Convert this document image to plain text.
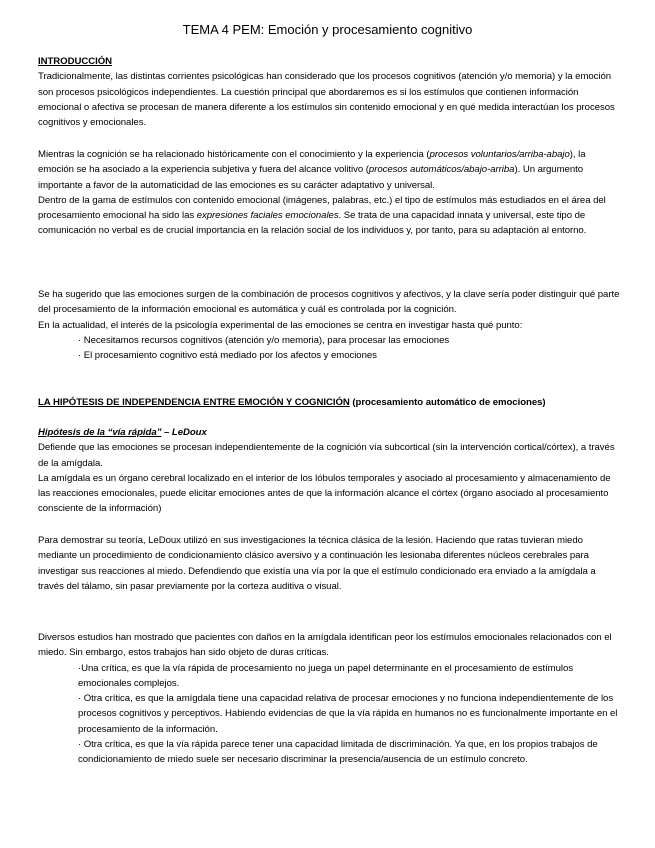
TEMA 4 PEM: Emoción y procesamiento cognitivo

INTRODUCCIÓN

Tradicionalmente, las distintas corrientes psicológicas han considerado que los procesos cognitivos (atención y/o memoria) y la emoción son procesos psicológicos independientes. La cuestión principal que abordaremos es si los estímulos que contienen información emocional o afectiva se procesan de manera diferente a los estímulos sin contenido emocional y en qué medida interactúan los procesos cognitivos y emocionales.

Mientras la cognición se ha relacionado históricamente con el conocimiento y la experiencia (procesos voluntarios/arriba-abajo), la emoción se ha asociado a la experiencia subjetiva y fuera del alcance volitivo (procesos automáticos/abajo-arriba). Un argumento importante a favor de la automaticidad de las emociones es su carácter adaptativo y universal.

Dentro de la gama de estímulos con contenido emocional (imágenes, palabras, etc.) el tipo de estímulos más estudiados en el área del procesamiento emocional ha sido las expresiones faciales emocionales. Se trata de una capacidad innata y universal, este tipo de comunicación no verbal es de crucial importancia en la relación social de los individuos y, por tanto, para su adaptación al entorno.

Se ha sugerido que las emociones surgen de la combinación de procesos cognitivos y afectivos, y la clave sería poder distinguir qué parte del procesamiento de la información emocional es automática y cuál es controlada por la cognición.

En la actualidad, el interés de la psicología experimental de las emociones se centra en investigar hasta qué punto:

· Necesitamos recursos cognitivos (atención y/o memoria), para procesar las emociones

· El procesamiento cognitivo está mediado por los afectos y emociones

LA HIPÓTESIS DE INDEPENDENCIA ENTRE EMOCIÓN Y COGNICIÓN (procesamiento automático de emociones)

Hipótesis de la “vía rápida” – LeDoux

Defiende que las emociones se procesan independientemente de la cognición vía subcortical (sin la intervención cortical/córtex), a través de la amígdala.

La amígdala es un órgano cerebral localizado en el interior de los lóbulos temporales y asociado al procesamiento y almacenamiento de las reacciones emocionales, puede elicitar emociones antes de que la información alcance el córtex (órgano asociado al procesamiento consciente de la información)

Para demostrar su teoría, LeDoux utilizó en sus investigaciones la técnica clásica de la lesión. Haciendo que ratas tuvieran miedo mediante un procedimiento de condicionamiento clásico aversivo y a continuación les lesionaba diferentes núcleos cerebrales para investigar sus reacciones al miedo. Defendiendo que existía una vía por la que el estímulo condicionado era enviado a la amígdala a través del tálamo, sin pasar previamente por la corteza auditiva o visual.

Diversos estudios han mostrado que pacientes con daños en la amígdala identifican peor los estímulos emocionales relacionados con el miedo. Sin embargo, estos trabajos han sido objeto de duras críticas.

·Una crítica, es que la vía rápida de procesamiento no juega un papel determinante en el procesamiento de estímulos emocionales complejos.

· Otra crítica, es que la amígdala tiene una capacidad relativa de procesar emociones y no funciona independientemente de los procesos cognitivos y perceptivos. Habiendo evidencias de que la vía rápida en humanos no es funcionalmente importante en el procesamiento de la información.

· Otra crítica, es que la vía rápida parece tener una capacidad limitada de discriminación. Ya que, en los propios trabajos de condicionamiento de miedo suele ser necesario discriminar la presencia/ausencia de un estímulo concreto.
